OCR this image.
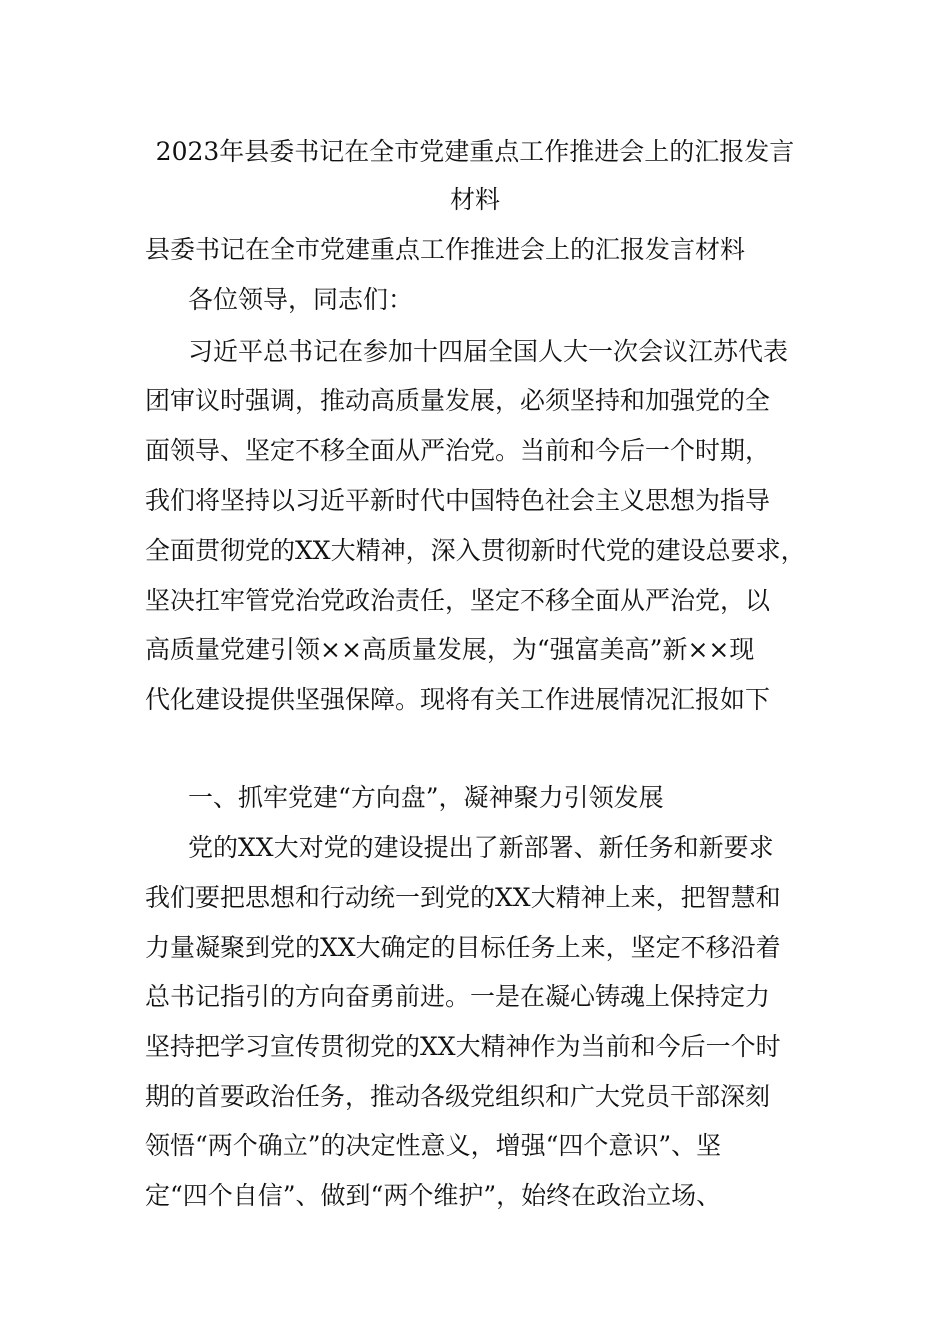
2023年县委书记在全市党建重点工作推进会上的汇报发言
材料
县委书记在全市党建重点工作推进会上的汇报发言材料
各位领导，同志们：
习近平总书记在参加十四届全国人大一次会议江苏代表
团审议时强调，推动高质量发展，必须坚持和加强党的全
面领导、坚定不移全面从严治党。当前和今后一个时期，
我们将坚持以习近平新时代中国特色社会主义思想为指导
全面贯彻党的XX大精神，深入贯彻新时代党的建设总要求，
坚决扛牢管党治党政治责任，坚定不移全面从严治党，以
高质量党建引领××高质量发展，为“强富美高”新××现
代化建设提供坚强保障。现将有关工作进展情况汇报如下
一、抓牢党建“方向盘”，凝神聚力引领发展
党的XX大对党的建设提出了新部署、新任务和新要求
我们要把思想和行动统一到党的XX大精神上来，把智慧和
力量凝聚到党的XX大确定的目标任务上来，坚定不移沿着
总书记指引的方向奋勇前进。一是在凝心铸魂上保持定力
坚持把学习宣传贯彻党的XX大精神作为当前和今后一个时
期的首要政治任务，推动各级党组织和广大党员干部深刻
领悟“两个确立”的决定性意义，增强“四个意识”、坚
定“四个自信”、做到“两个维护”，始终在政治立场、
